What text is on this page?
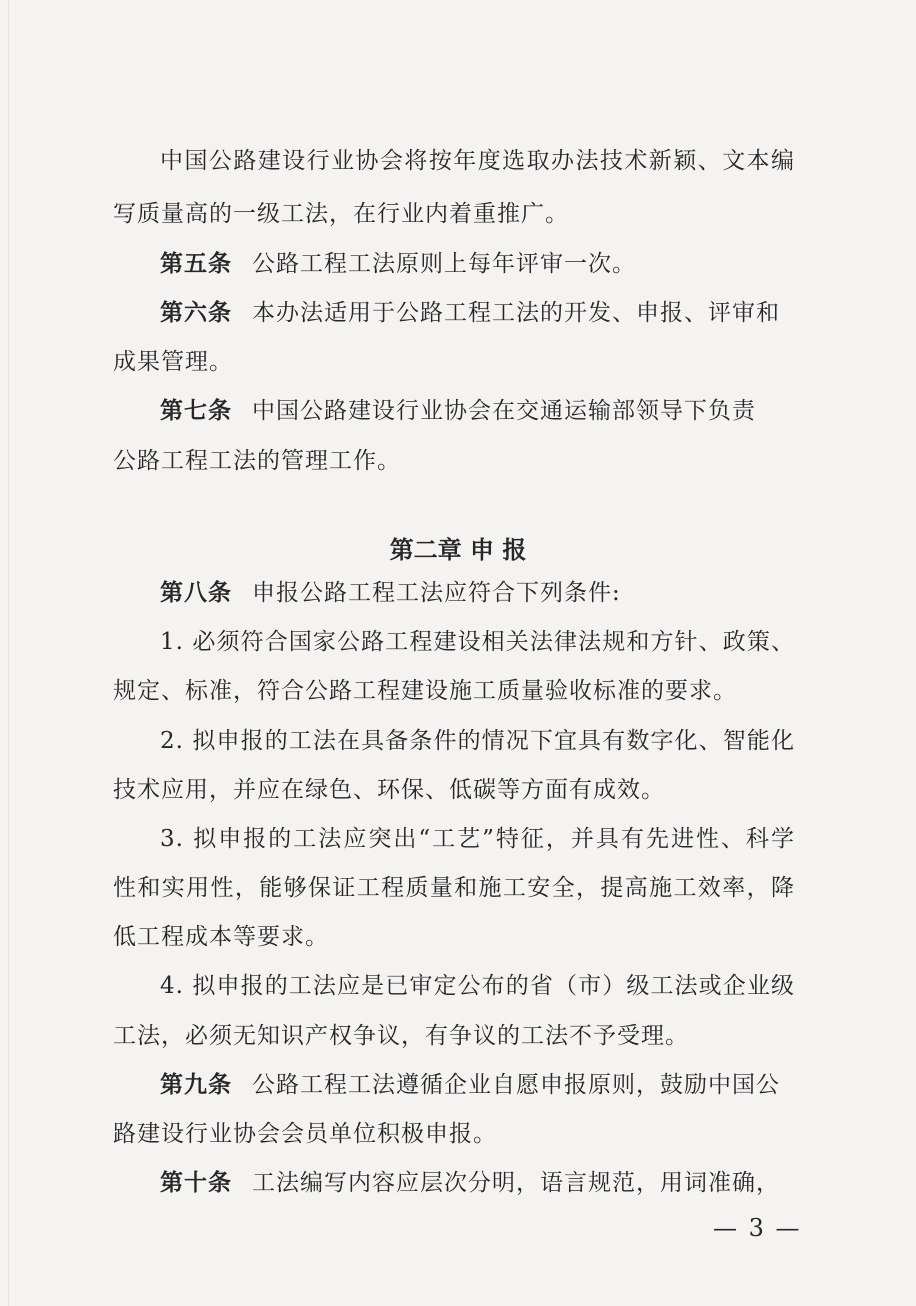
中国公路建设行业协会将按年度选取办法技术新颖、文本编
写质量高的一级工法，在行业内着重推广。
第五条 公路工程工法原则上每年评审一次。
第六条 本办法适用于公路工程工法的开发、申报、评审和
成果管理。
第七条 中国公路建设行业协会在交通运输部领导下负责
公路工程工法的管理工作。
第二章 申 报
第八条 申报公路工程工法应符合下列条件:
1. 必须符合国家公路工程建设相关法律法规和方针、政策、
规定、标准，符合公路工程建设施工质量验收标准的要求。
2. 拟申报的工法在具备条件的情况下宜具有数字化、智能化
技术应用，并应在绿色、环保、低碳等方面有成效。
3. 拟申报的工法应突出“工艺”特征，并具有先进性、科学
性和实用性，能够保证工程质量和施工安全，提高施工效率，降
低工程成本等要求。
4. 拟申报的工法应是已审定公布的省（市）级工法或企业级
工法，必须无知识产权争议，有争议的工法不予受理。
第九条 公路工程工法遵循企业自愿申报原则，鼓励中国公
路建设行业协会会员单位积极申报。
第十条 工法编写内容应层次分明，语言规范，用词准确，
— 3 —
